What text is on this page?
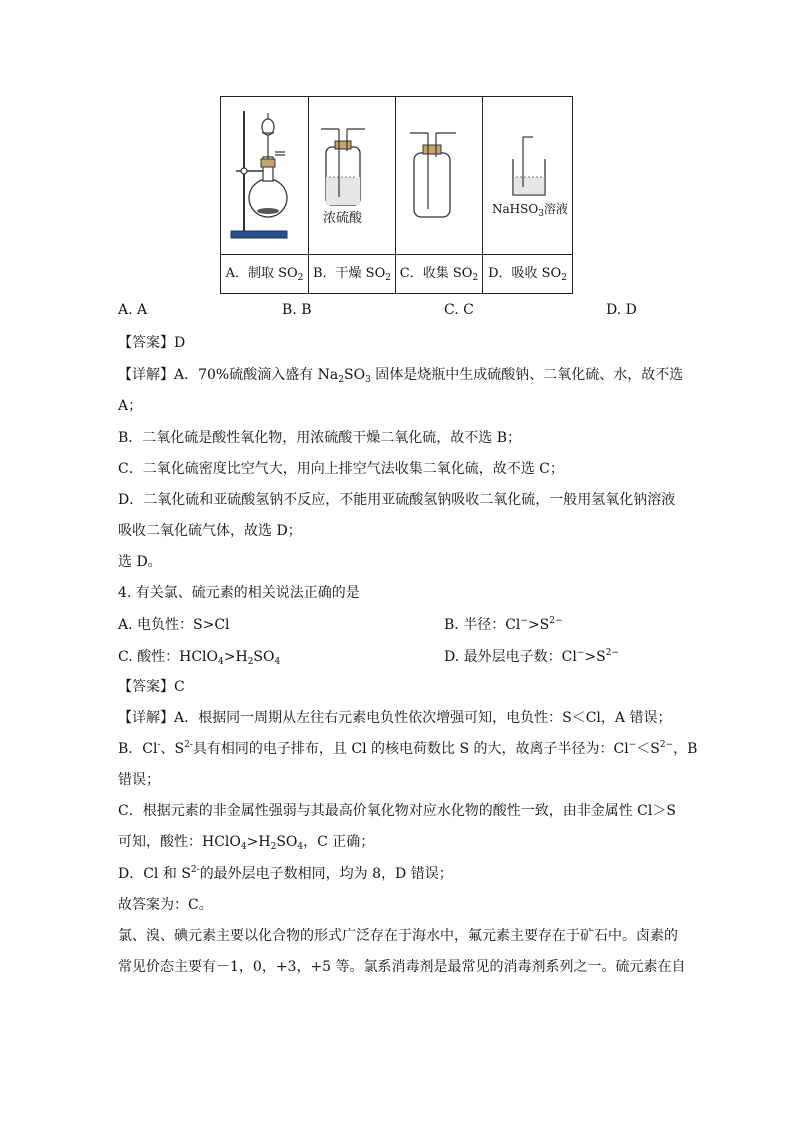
浓硫酸
NaHSO$_3$溶液
A．制取 $SO_2$ B．干燥 $SO_2$ C．收集 $SO_2$ D．吸收 $SO_2$
A. A	B. B	C. C	D. D
【答案】D
【详解】A．70%硫酸滴入盛有 $Na_2SO_3$ 固体是烧瓶中生成硫酸钠、二氧化硫、水，故不选
A；
B．二氧化硫是酸性氧化物，用浓硫酸干燥二氧化硫，故不选 B；
C．二氧化硫密度比空气大，用向上排空气法收集二氧化硫，故不选 C；
D．二氧化硫和亚硫酸氢钠不反应，不能用亚硫酸氢钠吸收二氧化硫，一般用氢氧化钠溶液
吸收二氧化硫气体，故选 D；
选 D。
4. 有关氯、硫元素的相关说法正确的是
A. 电负性：S>Cl	B. 半径：$Cl^->S^{2-}$
C. 酸性：$HClO_4>H_2SO_4$	D. 最外层电子数：$Cl^->S^{2-}$
【答案】C
【详解】A．根据同一周期从左往右元素电负性依次增强可知，电负性：S＜Cl，A 错误；
B．Cl-、$S^{2-}$具有相同的电子排布，且 Cl 的核电荷数比 S 的大，故离子半径为：$Cl^-<S^{2-}$，B
错误；
C．根据元素的非金属性强弱与其最高价氧化物对应水化物的酸性一致，由非金属性 Cl＞S
可知，酸性：$HClO_4>H_2SO_4$，C 正确；
D．Cl 和 $S^{2-}$的最外层电子数相同，均为 8，D 错误；
故答案为：C。
氯、溴、碘元素主要以化合物的形式广泛存在于海水中，氟元素主要存在于矿石中。卤素的
常见价态主要有－1，0，+3，+5 等。氯系消毒剂是最常见的消毒剂系列之一。硫元素在自
